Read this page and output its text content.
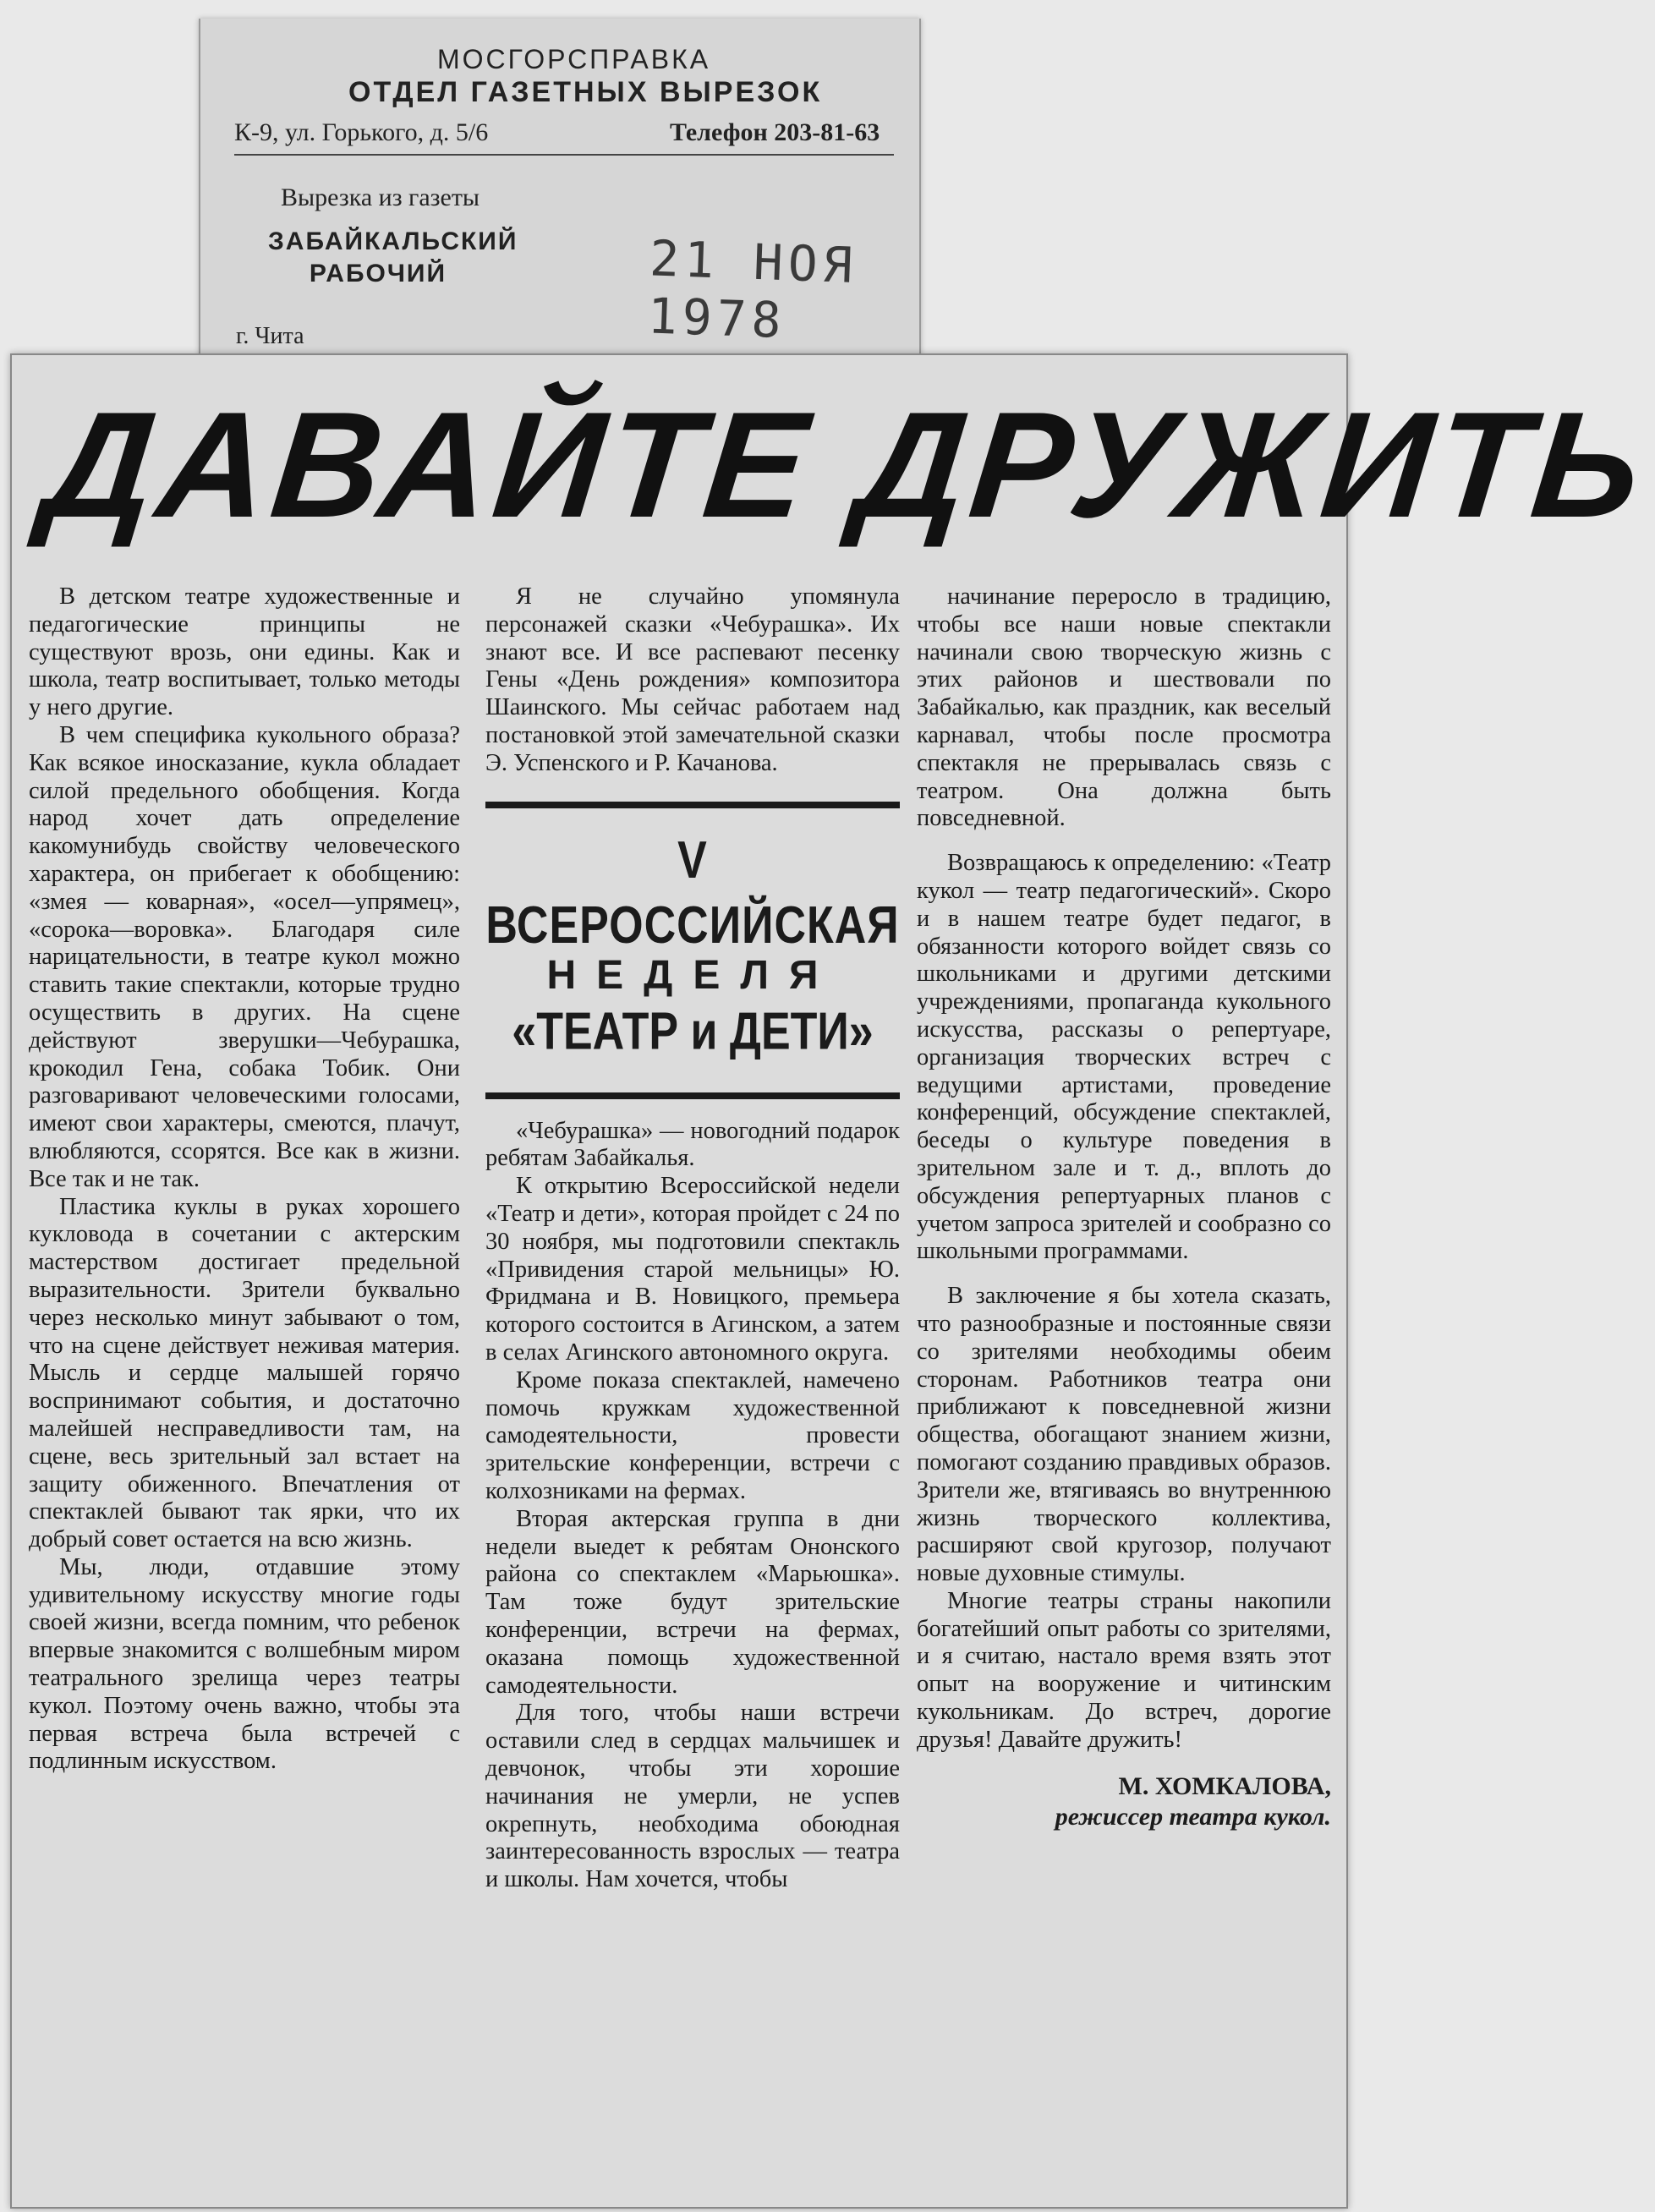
МОСГОРСПРАВКА
ОТДЕЛ ГАЗЕТНЫХ ВЫРЕЗОК
К-9, ул. Горького, д. 5/6	Телефон 203-81-63
Вырезка из газеты
ЗАБАЙКАЛЬСКИЙ
РАБОЧИЙ	21 НОЯ 1978
г. Чита
ДАВАЙТЕ ДРУЖИТЬ

В детском театре художественные и педагогические принципы не существуют врозь, они едины. Как и школа, театр воспитывает, только методы у него другие.

В чем специфика кукольного образа? Как всякое иносказание, кукла обладает силой предельного обобщения. Когда народ хочет дать определение какомунибудь свойству человеческого характера, он прибегает к обобщению: «змея — коварная», «осел—упрямец», «сорока—воровка». Благодаря силе нарицательности, в театре кукол можно ставить такие спектакли, которые трудно осуществить в других. На сцене действуют зверушки—Чебурашка, крокодил Гена, собака Тобик. Они разговаривают человеческими голосами, имеют свои характеры, смеются, плачут, влюбляются, ссорятся. Все как в жизни. Все так и не так.

Пластика куклы в руках хорошего кукловода в сочетании с актерским мастерством достигает предельной выразительности. Зрители буквально через несколько минут забывают о том, что на сцене действует неживая материя. Мысль и сердце малышей горячо воспринимают события, и достаточно малейшей несправедливости там, на сцене, весь зрительный зал встает на защиту обиженного. Впечатления от спектаклей бывают так ярки, что их добрый совет остается на всю жизнь.

Мы, люди, отдавшие этому удивительному искусству многие годы своей жизни, всегда помним, что ребенок впервые знакомится с волшебным миром театрального зрелища через театры кукол. Поэтому очень важно, чтобы эта первая встреча была встречей с подлинным искусством.

Я не случайно упомянула персонажей сказки «Чебурашка». Их знают все. И все распевают песенку Гены «День рождения» композитора Шаинского. Мы сейчас работаем над постановкой этой замечательной сказки Э. Успенского и Р. Качанова.

V ВСЕРОССИЙСКАЯ
НЕДЕЛЯ
«ТЕАТР и ДЕТИ»

«Чебурашка» — новогодний подарок ребятам Забайкалья.

К открытию Всероссийской недели «Театр и дети», которая пройдет с 24 по 30 ноября, мы подготовили спектакль «Привидения старой мельницы» Ю. Фридмана и В. Новицкого, премьера которого состоится в Агинском, а затем в селах Агинского автономного округа.

Кроме показа спектаклей, намечено помочь кружкам художественной самодеятельности, провести зрительские конференции, встречи с колхозниками на фермах.

Вторая актерская группа в дни недели выедет к ребятам Ононского района со спектаклем «Марьюшка». Там тоже будут зрительские конференции, встречи на фермах, оказана помощь художественной самодеятельности.

Для того, чтобы наши встречи оставили след в сердцах мальчишек и девчонок, чтобы эти хорошие начинания не умерли, не успев окрепнуть, необходима обоюдная заинтересованность взрослых — театра и школы. Нам хочется, чтобы

начинание переросло в традицию, чтобы все наши новые спектакли начинали свою творческую жизнь с этих районов и шествовали по Забайкалью, как праздник, как веселый карнавал, чтобы после просмотра спектакля не прерывалась связь с театром. Она должна быть повседневной.

Возвращаюсь к определению: «Театр кукол — театр педагогический». Скоро и в нашем театре будет педагог, в обязанности которого войдет связь со школьниками и другими детскими учреждениями, пропаганда кукольного искусства, рассказы о репертуаре, организация творческих встреч с ведущими артистами, проведение конференций, обсуждение спектаклей, беседы о культуре поведения в зрительном зале и т. д., вплоть до обсуждения репертуарных планов с учетом запроса зрителей и сообразно со школьными программами.

В заключение я бы хотела сказать, что разнообразные и постоянные связи со зрителями необходимы обеим сторонам. Работников театра они приближают к повседневной жизни общества, обогащают знанием жизни, помогают созданию правдивых образов. Зрители же, втягиваясь во внутреннюю жизнь творческого коллектива, расширяют свой кругозор, получают новые духовные стимулы.

Многие театры страны накопили богатейший опыт работы со зрителями, и я считаю, настало время взять этот опыт на вооружение и читинским кукольникам. До встреч, дорогие друзья! Давайте дружить!

М. ХОМКАЛОВА,
режиссер театра кукол.
